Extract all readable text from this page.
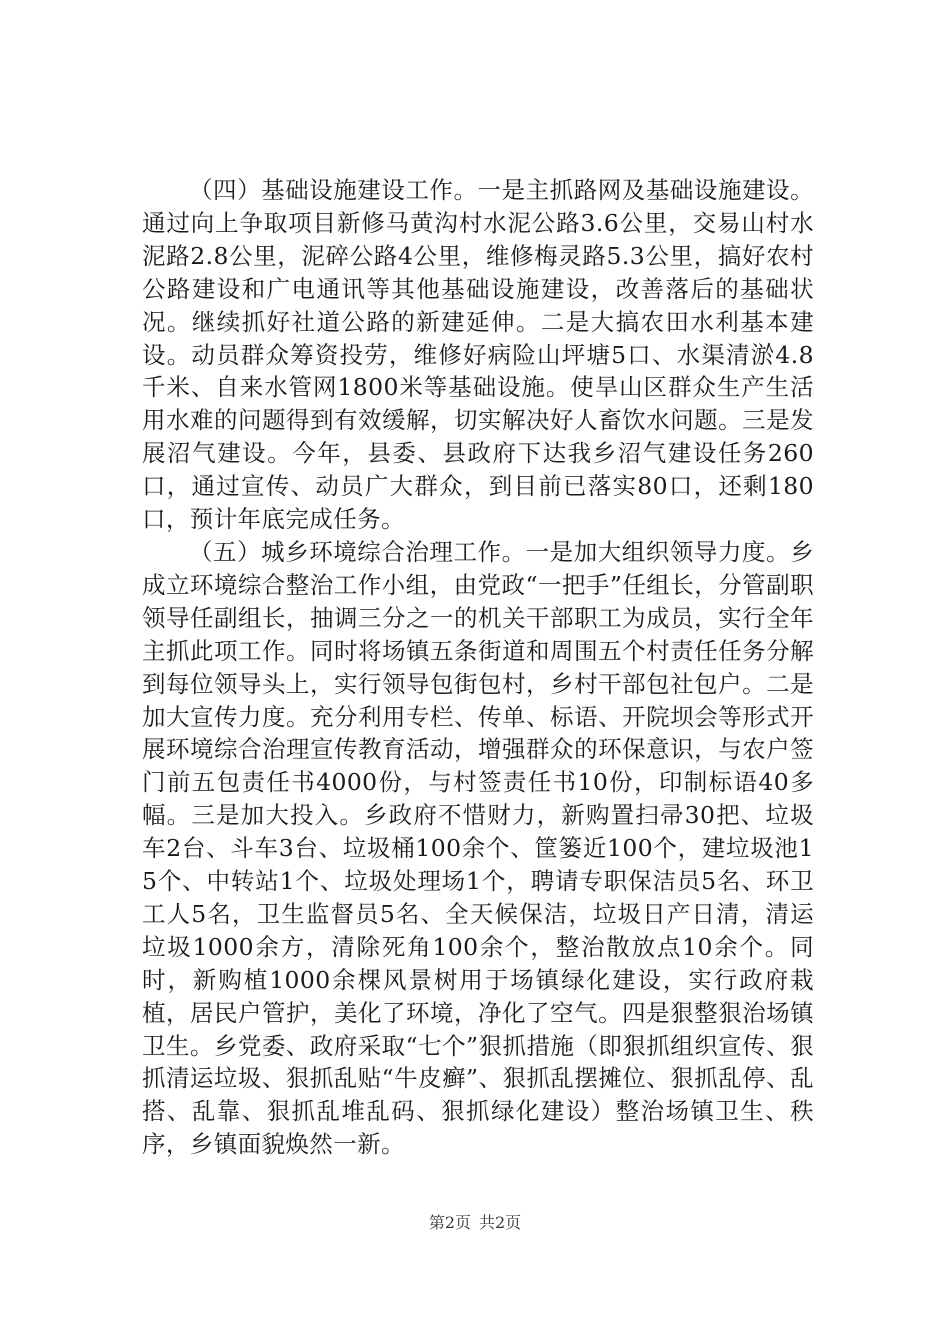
（四）基础设施建设工作。一是主抓路网及基础设施建设。通过向上争取项目新修马黄沟村水泥公路3.6公里，交易山村水泥路2.8公里，泥碎公路4公里，维修梅灵路5.3公里，搞好农村公路建设和广电通讯等其他基础设施建设，改善落后的基础状况。继续抓好社道公路的新建延伸。二是大搞农田水利基本建设。动员群众筹资投劳，维修好病险山坪塘5口、水渠清淤4.8千米、自来水管网1800米等基础设施。使旱山区群众生产生活用水难的问题得到有效缓解，切实解决好人畜饮水问题。三是发展沼气建设。今年，县委、县政府下达我乡沼气建设任务260口，通过宣传、动员广大群众，到目前已落实80口，还剩180口，预计年底完成任务。

（五）城乡环境综合治理工作。一是加大组织领导力度。乡成立环境综合整治工作小组，由党政“一把手”任组长，分管副职领导任副组长，抽调三分之一的机关干部职工为成员，实行全年主抓此项工作。同时将场镇五条街道和周围五个村责任任务分解到每位领导头上，实行领导包街包村，乡村干部包社包户。二是加大宣传力度。充分利用专栏、传单、标语、开院坝会等形式开展环境综合治理宣传教育活动，增强群众的环保意识，与农户签门前五包责任书4000份，与村签责任书10份，印制标语40多幅。三是加大投入。乡政府不惜财力，新购置扫帚30把、垃圾车2台、斗车3台、垃圾桶100余个、筐篓近100个，建垃圾池15个、中转站1个、垃圾处理场1个，聘请专职保洁员5名、环卫工人5名，卫生监督员5名、全天候保洁，垃圾日产日清，清运垃圾1000余方，清除死角100余个，整治散放点10余个。同时，新购植1000余棵风景树用于场镇绿化建设，实行政府栽植，居民户管护，美化了环境，净化了空气。四是狠整狠治场镇卫生。乡党委、政府采取“七个”狠抓措施（即狠抓组织宣传、狠抓清运垃圾、狠抓乱贴“牛皮癣”、狠抓乱摆摊位、狠抓乱停、乱搭、乱靠、狠抓乱堆乱码、狠抓绿化建设）整治场镇卫生、秩序，乡镇面貌焕然一新。

第2页 共2页
